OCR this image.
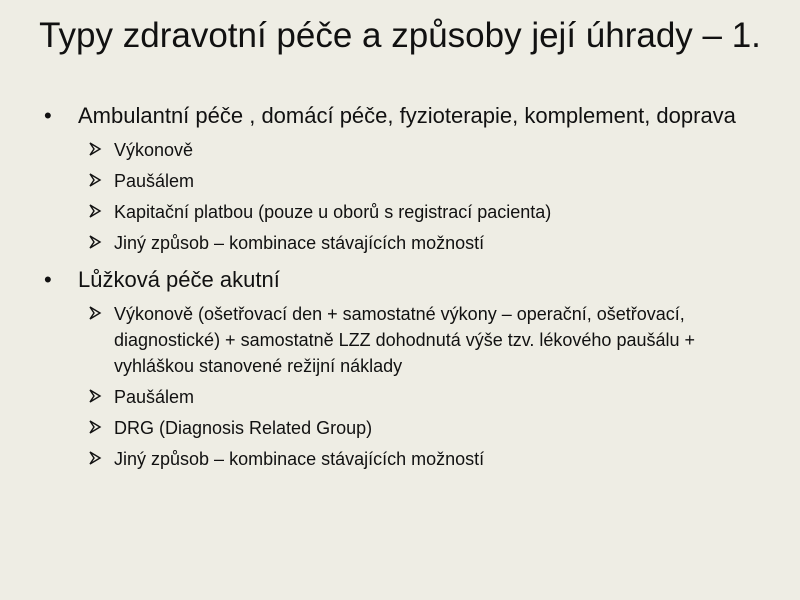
Typy zdravotní péče a způsoby její úhrady – 1.
•	Ambulantní péče , domácí péče, fyzioterapie, komplement, doprava
Výkonově
Paušálem
Kapitační platbou (pouze u oborů s registrací pacienta)
Jiný způsob – kombinace stávajících možností
•	Lůžková péče akutní
Výkonově (ošetřovací den + samostatné výkony – operační, ošetřovací, diagnostické) + samostatně LZZ dohodnutá výše tzv. lékového paušálu + vyhláškou stanovené režijní náklady
Paušálem
DRG (Diagnosis Related Group)
Jiný způsob – kombinace stávajících možností
